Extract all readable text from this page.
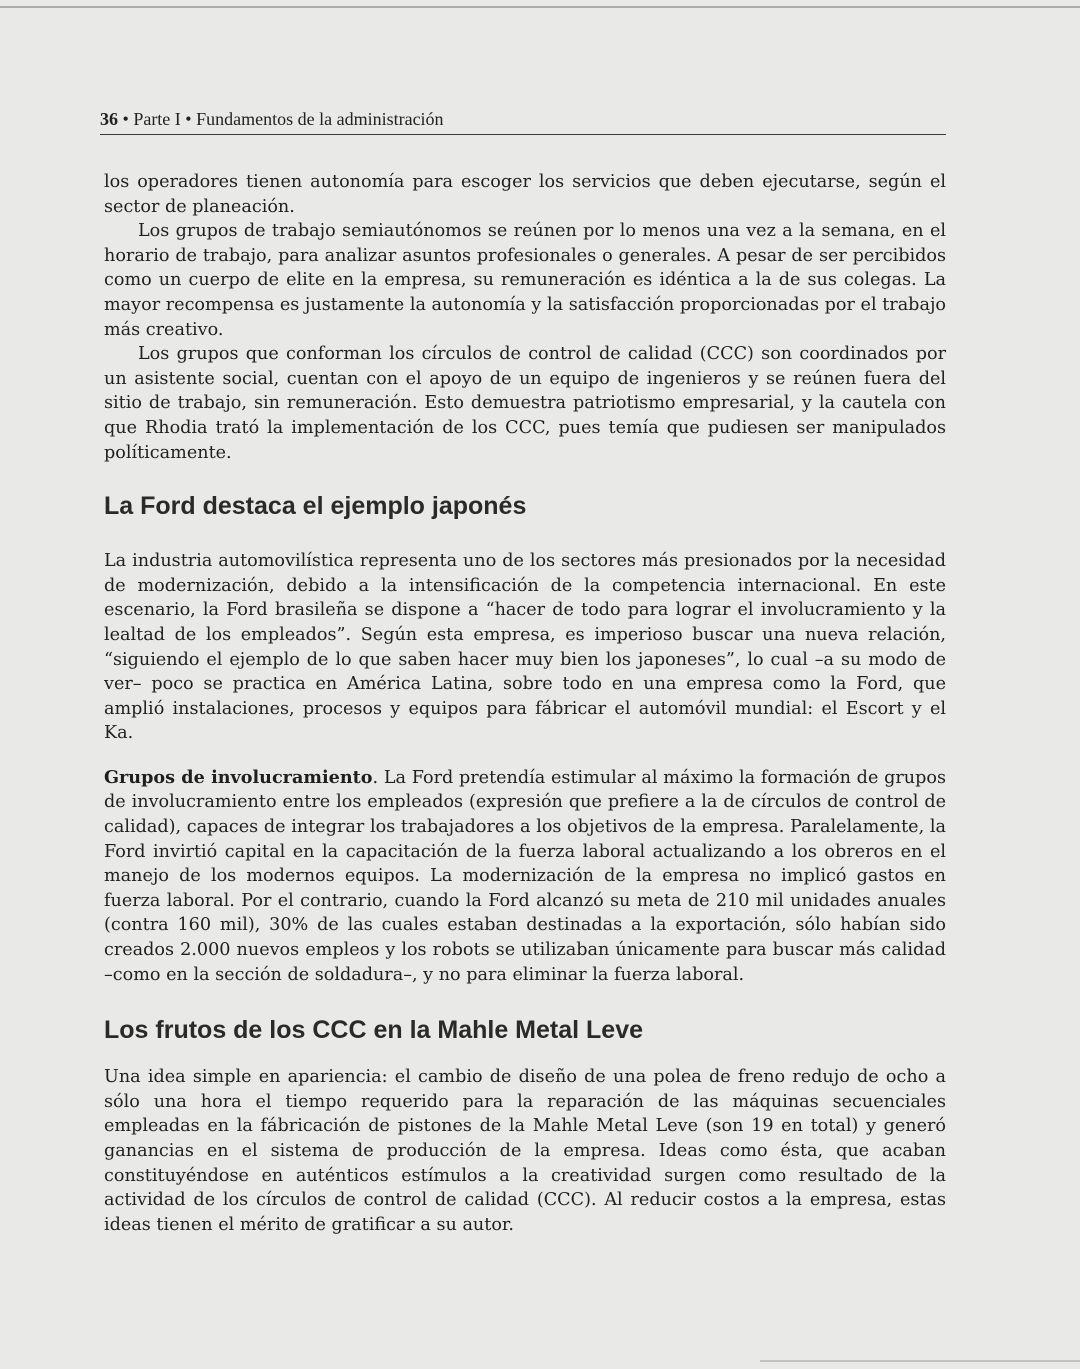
36 • Parte I • Fundamentos de la administración

los operadores tienen autonomía para escoger los servicios que deben ejecutarse, según el sector de planeación.

Los grupos de trabajo semiautónomos se reúnen por lo menos una vez a la semana, en el horario de trabajo, para analizar asuntos profesionales o generales. A pesar de ser percibidos como un cuerpo de elite en la empresa, su remuneración es idéntica a la de sus colegas. La mayor recompensa es justamente la autonomía y la satisfacción proporcionadas por el trabajo más creativo.

Los grupos que conforman los círculos de control de calidad (CCC) son coordinados por un asistente social, cuentan con el apoyo de un equipo de ingenieros y se reúnen fuera del sitio de trabajo, sin remuneración. Esto demuestra patriotismo empresarial, y la cautela con que Rhodia trató la implementación de los CCC, pues temía que pudiesen ser manipulados políticamente.

La Ford destaca el ejemplo japonés

La industria automovilística representa uno de los sectores más presionados por la necesidad de modernización, debido a la intensificación de la competencia internacional. En este escenario, la Ford brasileña se dispone a “hacer de todo para lograr el involucramiento y la lealtad de los empleados”. Según esta empresa, es imperioso buscar una nueva relación, “siguiendo el ejemplo de lo que saben hacer muy bien los japoneses”, lo cual –a su modo de ver– poco se practica en América Latina, sobre todo en una empresa como la Ford, que amplió instalaciones, procesos y equipos para fábricar el automóvil mundial: el Escort y el Ka.

Grupos de involucramiento. La Ford pretendía estimular al máximo la formación de grupos de involucramiento entre los empleados (expresión que prefiere a la de círculos de control de calidad), capaces de integrar los trabajadores a los objetivos de la empresa. Paralelamente, la Ford invirtió capital en la capacitación de la fuerza laboral actualizando a los obreros en el manejo de los modernos equipos. La modernización de la empresa no implicó gastos en fuerza laboral. Por el contrario, cuando la Ford alcanzó su meta de 210 mil unidades anuales (contra 160 mil), 30% de las cuales estaban destinadas a la exportación, sólo habían sido creados 2.000 nuevos empleos y los robots se utilizaban únicamente para buscar más calidad –como en la sección de soldadura–, y no para eliminar la fuerza laboral.

Los frutos de los CCC en la Mahle Metal Leve

Una idea simple en apariencia: el cambio de diseño de una polea de freno redujo de ocho a sólo una hora el tiempo requerido para la reparación de las máquinas secuenciales empleadas en la fábricación de pistones de la Mahle Metal Leve (son 19 en total) y generó ganancias en el sistema de producción de la empresa. Ideas como ésta, que acaban constituyéndose en auténticos estímulos a la creatividad surgen como resultado de la actividad de los círculos de control de calidad (CCC). Al reducir costos a la empresa, estas ideas tienen el mérito de gratificar a su autor.
